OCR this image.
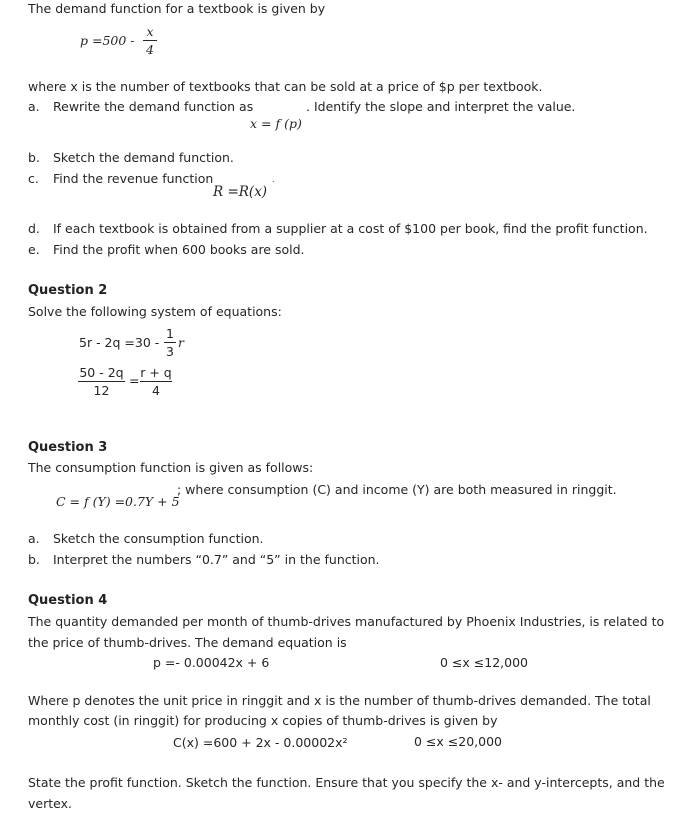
The demand function for a textbook is given by
p =500 -
x
4
where x is the number of textbooks that can be sold at a price of $p per textbook.
a. Rewrite the demand function as	. Identify the slope and interpret the value.
x = f (p)
b. Sketch the demand function.
c. Find the revenue function
R =R(x)
.
d. If each textbook is obtained from a supplier at a cost of $100 per book, find the profit function.
e. Find the profit when 600 books are sold.
Question 2
Solve the following system of equations:
5r - 2q =30 -
1
3
r
50 - 2q
12
=
r + q
4
Question 3
The consumption function is given as follows:
C = f (Y) =0.7Y + 5
; where consumption (C) and income (Y) are both measured in ringgit.
a. Sketch the consumption function.
b. Interpret the numbers “0.7” and “5” in the function.
Question 4
The quantity demanded per month of thumb-drives manufactured by Phoenix Industries, is related to
the price of thumb-drives. The demand equation is
p =- 0.00042x + 6	0 ≤x ≤12,000
Where p denotes the unit price in ringgit and x is the number of thumb-drives demanded. The total
monthly cost (in ringgit) for producing x copies of thumb-drives is given by
C(x) =600 + 2x - 0.00002x²	0 ≤x ≤20,000
State the profit function. Sketch the function. Ensure that you specify the x- and y-intercepts, and the
vertex.
